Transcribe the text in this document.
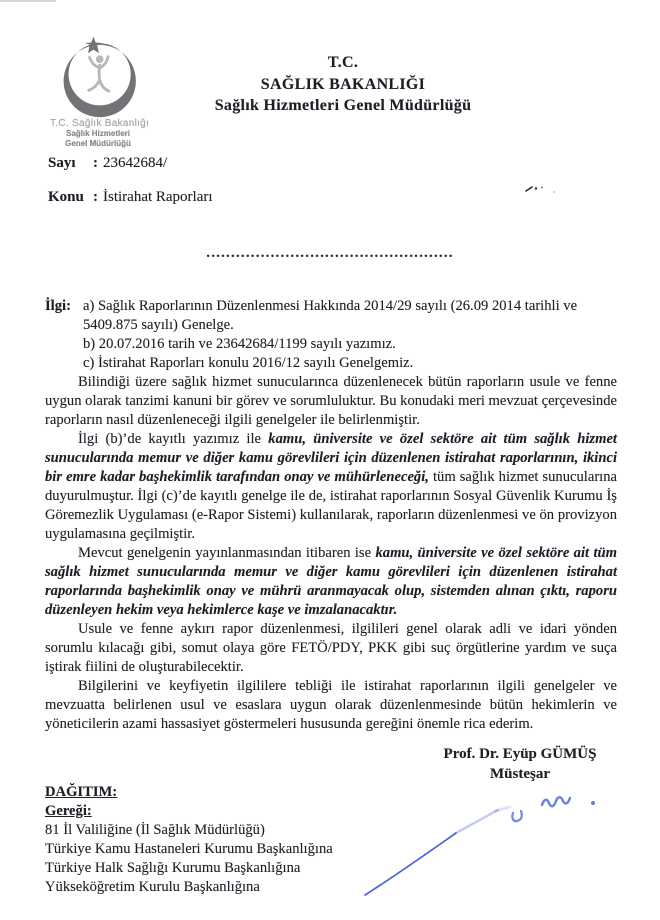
T.C. Sağlık Bakanlığı
Sağlık Hizmetleri
Genel Müdürlüğü
T.C.
SAĞLIK BAKANLIĞI
Sağlık Hizmetleri Genel Müdürlüğü
Sayı : 23642684/
Konu : İstirahat Raporları
..................................................
İlgi: a) Sağlık Raporlarının Düzenlenmesi Hakkında 2014/29 sayılı (26.09 2014 tarihli ve 5409.875 sayılı) Genelge.
b) 20.07.2016 tarih ve 23642684/1199 sayılı yazımız.
c) İstirahat Raporları konulu 2016/12 sayılı Genelgemiz.

Bilindiği üzere sağlık hizmet sunucularınca düzenlenecek bütün raporların usule ve fenne uygun olarak tanzimi kanuni bir görev ve sorumluluktur. Bu konudaki meri mevzuat çerçevesinde raporların nasıl düzenleneceği ilgili genelgeler ile belirlenmiştir.

İlgi (b)’de kayıtlı yazımız ile kamu, üniversite ve özel sektöre ait tüm sağlık hizmet sunucularında memur ve diğer kamu görevlileri için düzenlenen istirahat raporlarının, ikinci bir emre kadar başhekimlik tarafından onay ve mühürleneceği, tüm sağlık hizmet sunucularına duyurulmuştur. İlgi (c)’de kayıtlı genelge ile de, istirahat raporlarının Sosyal Güvenlik Kurumu İş Göremezlik Uygulaması (e-Rapor Sistemi) kullanılarak, raporların düzenlenmesi ve ön provizyon uygulamasına geçilmiştir.

Mevcut genelgenin yayınlanmasından itibaren ise kamu, üniversite ve özel sektöre ait tüm sağlık hizmet sunucularında memur ve diğer kamu görevlileri için düzenlenen istirahat raporlarında başhekimlik onay ve mührü aranmayacak olup, sistemden alınan çıktı, raporu düzenleyen hekim veya hekimlerce kaşe ve imzalanacaktır.

Usule ve fenne aykırı rapor düzenlenmesi, ilgilileri genel olarak adli ve idari yönden sorumlu kılacağı gibi, somut olaya göre FETÖ/PDY, PKK gibi suç örgütlerine yardım ve suça iştirak fiilini de oluşturabilecektir.

Bilgilerini ve keyfiyetin ilgililere tebliği ile istirahat raporlarının ilgili genelgeler ve mevzuatta belirlenen usul ve esaslara uygun olarak düzenlenmesinde bütün hekimlerin ve yöneticilerin azami hassasiyet göstermeleri hususunda gereğini önemle rica ederim.

Prof. Dr. Eyüp GÜMÜŞ
Müsteşar
DAĞITIM:
Gereği:
81 İl Valiliğine (İl Sağlık Müdürlüğü)
Türkiye Kamu Hastaneleri Kurumu Başkanlığına
Türkiye Halk Sağlığı Kurumu Başkanlığına
Yükseköğretim Kurulu Başkanlığına
